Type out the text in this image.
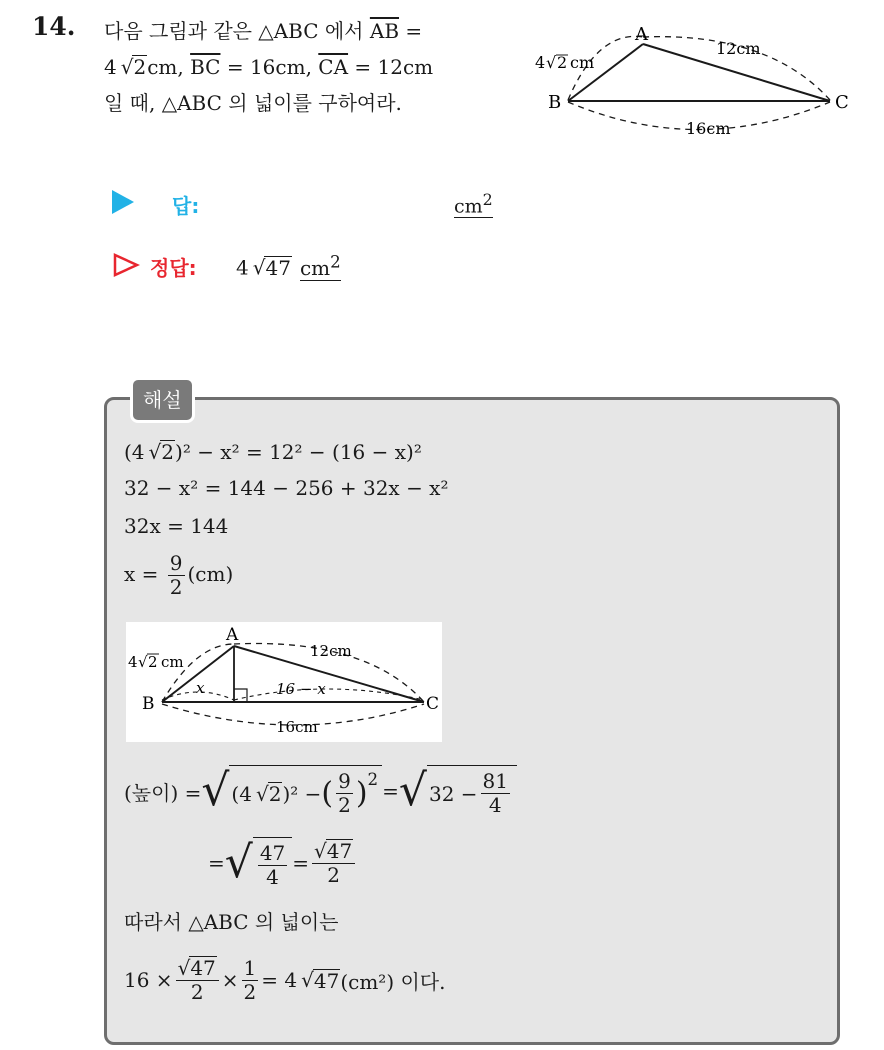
14. 다음 그림과 같은 △ABC 에서 $\overline{AB}$ =
4  √2cm, $\overline{BC} = 16cm$, $\overline{CA} = 12cm$
일 때, △ABC 의 넓이를 구하여라.
A
B	C
4 √ 2 cm
12cm
16cm
답:	$cm^2$
정답: 4  √47 $cm^2$
해설
(4  √2)² − x² = 12² − (16 − x)²
32 − x² = 144 − 256 + 32x − x²
32x = 144
$x = \frac{9}{2} (cm)$
A
B	C
4 √ 2 cm
12cm
x	16 − x
16cm
(높이) = √ (4
  √ 2 )² − ( $\frac{9}{2} )^2$ = √ $32 - \frac{81}{4}$
= √ $\frac{47}{4} = \frac{√47}{2}$
따라서 △ABC 의 넓이는
$16 \times \frac{√47}{2} \times \frac{1}{2} = 4$
  √ 47 (cm²) 이다.
